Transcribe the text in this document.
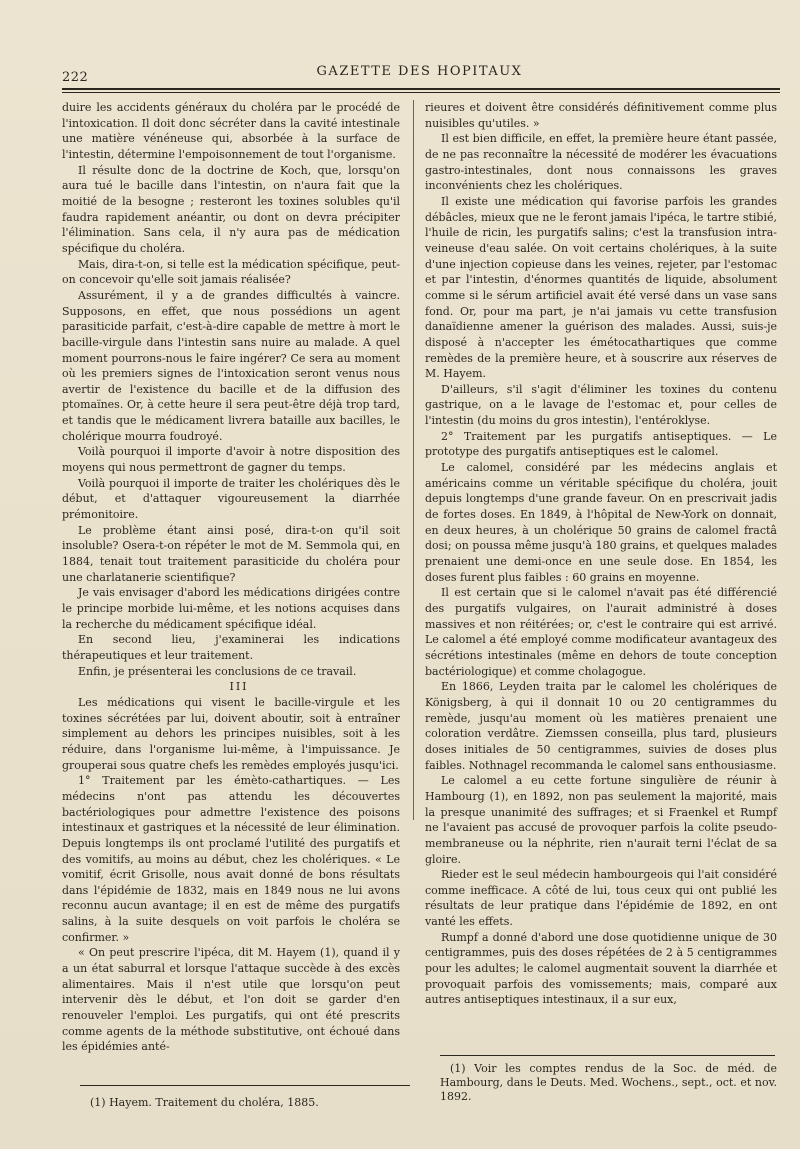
222	GAZETTE DES HOPITAUX

duire les accidents généraux du choléra par le procédé de l'intoxication. Il doit donc sécréter dans la cavité intestinale une matière vénéneuse qui, absorbée à la surface de l'intestin, détermine l'empoisonnement de tout l'organisme.

Il résulte donc de la doctrine de Koch, que, lorsqu'on aura tué le bacille dans l'intestin, on n'aura fait que la moitié de la besogne ; resteront les toxines solubles qu'il faudra rapidement anéantir, ou dont on devra précipiter l'élimination. Sans cela, il n'y aura pas de médication spécifique du choléra.

Mais, dira-t-on, si telle est la médication spécifique, peut-on concevoir qu'elle soit jamais réalisée?

Assurément, il y a de grandes difficultés à vaincre. Supposons, en effet, que nous possédions un agent parasiticide parfait, c'est-à-dire capable de mettre à mort le bacille-virgule dans l'intestin sans nuire au malade. A quel moment pourrons-nous le faire ingérer? Ce sera au moment où les premiers signes de l'intoxication seront venus nous avertir de l'existence du bacille et de la diffusion des ptomaïnes. Or, à cette heure il sera peut-être déjà trop tard, et tandis que le médicament livrera bataille aux bacilles, le cholérique mourra foudroyé.

Voilà pourquoi il importe d'avoir à notre disposition des moyens qui nous permettront de gagner du temps.

Voilà pourquoi il importe de traiter les cholériques dès le début, et d'attaquer vigoureusement la diarrhée prémonitoire.

Le problème étant ainsi posé, dira-t-on qu'il soit insoluble? Osera-t-on répéter le mot de M. Semmola qui, en 1884, tenait tout traitement parasiticide du choléra pour une charlatanerie scientifique?

Je vais envisager d'abord les médications dirigées contre le principe morbide lui-même, et les notions acquises dans la recherche du médicament spécifique idéal.

En second lieu, j'examinerai les indications thérapeutiques et leur traitement.

Enfin, je présenterai les conclusions de ce travail.

III

Les médications qui visent le bacille-virgule et les toxines sécrétées par lui, doivent aboutir, soit à entraîner simplement au dehors les principes nuisibles, soit à les réduire, dans l'organisme lui-même, à l'impuissance. Je grouperai sous quatre chefs les remèdes employés jusqu'ici.

1° Traitement par les émèto-cathartiques. — Les médecins n'ont pas attendu les découvertes bactériologiques pour admettre l'existence des poisons intestinaux et gastriques et la nécessité de leur élimination. Depuis longtemps ils ont proclamé l'utilité des purgatifs et des vomitifs, au moins au début, chez les cholériques. « Le vomitif, écrit Grisolle, nous avait donné de bons résultats dans l'épidémie de 1832, mais en 1849 nous ne lui avons reconnu aucun avantage; il en est de même des purgatifs salins, à la suite desquels on voit parfois le choléra se confirmer. »

« On peut prescrire l'ipéca, dit M. Hayem (1), quand il y a un état saburral et lorsque l'attaque succède à des excès alimentaires. Mais il n'est utile que lorsqu'on peut intervenir dès le début, et l'on doit se garder d'en renouveler l'emploi. Les purgatifs, qui ont été prescrits comme agents de la méthode substitutive, ont échoué dans les épidémies anté-

rieures et doivent être considérés définitivement comme plus nuisibles qu'utiles. »

Il est bien difficile, en effet, la première heure étant passée, de ne pas reconnaître la nécessité de modérer les évacuations gastro-intestinales, dont nous connaissons les graves inconvénients chez les cholériques.

Il existe une médication qui favorise parfois les grandes débâcles, mieux que ne le feront jamais l'ipéca, le tartre stibié, l'huile de ricin, les purgatifs salins; c'est la transfusion intra-veineuse d'eau salée. On voit certains cholériques, à la suite d'une injection copieuse dans les veines, rejeter, par l'estomac et par l'intestin, d'énormes quantités de liquide, absolument comme si le sérum artificiel avait été versé dans un vase sans fond. Or, pour ma part, je n'ai jamais vu cette transfusion danaïdienne amener la guérison des malades. Aussi, suis-je disposé à n'accepter les émétocathartiques que comme remèdes de la première heure, et à souscrire aux réserves de M. Hayem.

D'ailleurs, s'il s'agit d'éliminer les toxines du contenu gastrique, on a le lavage de l'estomac et, pour celles de l'intestin (du moins du gros intestin), l'entéroklyse.

2° Traitement par les purgatifs antiseptiques. — Le prototype des purgatifs antiseptiques est le calomel.

Le calomel, considéré par les médecins anglais et américains comme un véritable spécifique du choléra, jouit depuis longtemps d'une grande faveur. On en prescrivait jadis de fortes doses. En 1849, à l'hôpital de New-York on donnait, en deux heures, à un cholérique 50 grains de calomel fractâ dosi; on poussa même jusqu'à 180 grains, et quelques malades prenaient une demi-once en une seule dose. En 1854, les doses furent plus faibles : 60 grains en moyenne.

Il est certain que si le calomel n'avait pas été différencié des purgatifs vulgaires, on l'aurait administré à doses massives et non réitérées; or, c'est le contraire qui est arrivé. Le calomel a été employé comme modificateur avantageux des sécrétions intestinales (même en dehors de toute conception bactériologique) et comme cholagogue.

En 1866, Leyden traita par le calomel les cholériques de Königsberg, à qui il donnait 10 ou 20 centigrammes du remède, jusqu'au moment où les matières prenaient une coloration verdâtre. Ziemssen conseilla, plus tard, plusieurs doses initiales de 50 centigrammes, suivies de doses plus faibles. Nothnagel recommanda le calomel sans enthousiasme.

Le calomel a eu cette fortune singulière de réunir à Hambourg (1), en 1892, non pas seulement la majorité, mais la presque unanimité des suffrages; et si Fraenkel et Rumpf ne l'avaient pas accusé de provoquer parfois la colite pseudo-membraneuse ou la néphrite, rien n'aurait terni l'éclat de sa gloire.

Rieder est le seul médecin hambourgeois qui l'ait considéré comme inefficace. A côté de lui, tous ceux qui ont publié les résultats de leur pratique dans l'épidémie de 1892, en ont vanté les effets.

Rumpf a donné d'abord une dose quotidienne unique de 30 centigrammes, puis des doses répétées de 2 à 5 centigrammes pour les adultes; le calomel augmentait souvent la diarrhée et provoquait parfois des vomissements; mais, comparé aux autres antiseptiques intestinaux, il a sur eux,

(1) Hayem. Traitement du choléra, 1885.

(1) Voir les comptes rendus de la Soc. de méd. de Hambourg, dans le Deuts. Med. Wochens., sept., oct. et nov. 1892.
